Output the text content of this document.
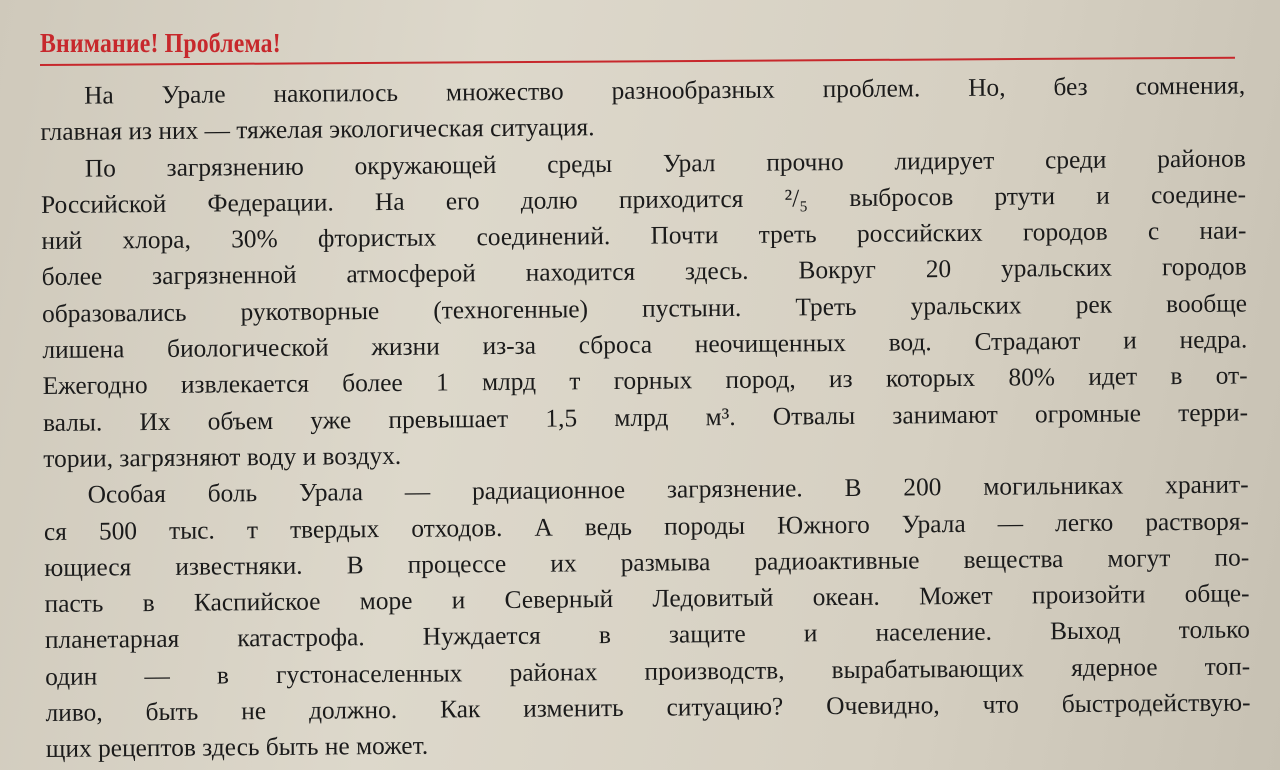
Внимание! Проблема!
На Урале накопилось множество разнообразных проблем. Но, без сомнения,
главная из них — тяжелая экологическая ситуация.
По загрязнению окружающей среды Урал прочно лидирует среди районов
Российской Федерации. На его долю приходится ²/₅ выбросов ртути и соедине-
ний хлора, 30% фтористых соединений. Почти треть российских городов с наи-
более загрязненной атмосферой находится здесь. Вокруг 20 уральских городов
образовались рукотворные (техногенные) пустыни. Треть уральских рек вообще
лишена биологической жизни из-за сброса неочищенных вод. Страдают и недра.
Ежегодно извлекается более 1 млрд т горных пород, из которых 80% идет в от-
валы. Их объем уже превышает 1,5 млрд м³. Отвалы занимают огромные терри-
тории, загрязняют воду и воздух.
Особая боль Урала — радиационное загрязнение. В 200 могильниках хранит-
ся 500 тыс. т твердых отходов. А ведь породы Южного Урала — легко растворя-
ющиеся известняки. В процессе их размыва радиоактивные вещества могут по-
пасть в Каспийское море и Северный Ледовитый океан. Может произойти обще-
планетарная катастрофа. Нуждается в защите и население. Выход только
один — в густонаселенных районах производств, вырабатывающих ядерное топ-
ливо, быть не должно. Как изменить ситуацию? Очевидно, что быстродействую-
щих рецептов здесь быть не может.
